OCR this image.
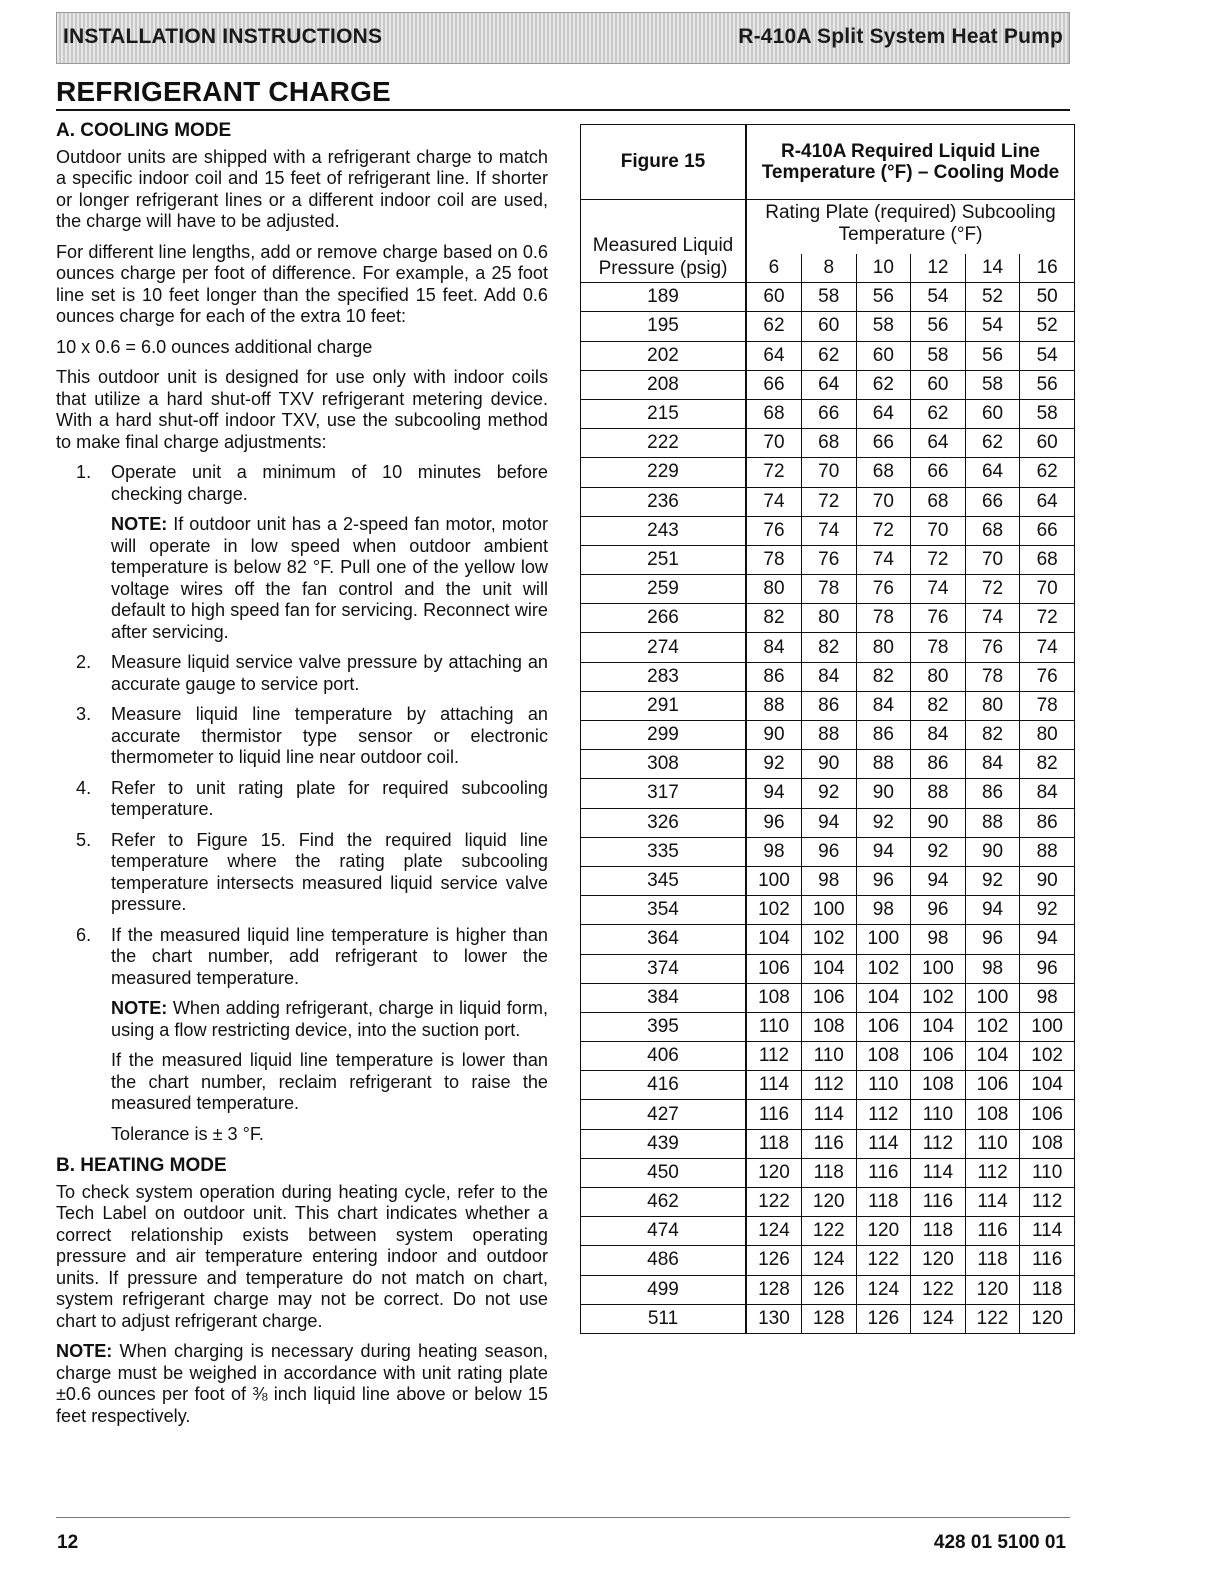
INSTALLATION INSTRUCTIONS	R-410A Split System Heat Pump
REFRIGERANT CHARGE
A. COOLING MODE

Outdoor units are shipped with a refrigerant charge to match a specific indoor coil and 15 feet of refrigerant line. If shorter or longer refrigerant lines or a different indoor coil are used, the charge will have to be adjusted.

For different line lengths, add or remove charge based on 0.6 ounces charge per foot of difference. For example, a 25 foot line set is 10 feet longer than the specified 15 feet. Add 0.6 ounces charge for each of the extra 10 feet:

10 x 0.6 = 6.0 ounces additional charge

This outdoor unit is designed for use only with indoor coils that utilize a hard shut-off TXV refrigerant metering device. With a hard shut-off indoor TXV, use the subcooling method to make final charge adjustments:

1. Operate unit a minimum of 10 minutes before checking charge.

NOTE: If outdoor unit has a 2-speed fan motor, motor will operate in low speed when outdoor ambient temperature is below 82 °F. Pull one of the yellow low voltage wires off the fan control and the unit will default to high speed fan for servicing. Reconnect wire after servicing.

2. Measure liquid service valve pressure by attaching an accurate gauge to service port.

3. Measure liquid line temperature by attaching an accurate thermistor type sensor or electronic thermometer to liquid line near outdoor coil.

4. Refer to unit rating plate for required subcooling temperature.

5. Refer to Figure 15. Find the required liquid line temperature where the rating plate subcooling temperature intersects measured liquid service valve pressure.

6. If the measured liquid line temperature is higher than the chart number, add refrigerant to lower the measured temperature.

NOTE: When adding refrigerant, charge in liquid form, using a flow restricting device, into the suction port.

If the measured liquid line temperature is lower than the chart number, reclaim refrigerant to raise the measured temperature.

Tolerance is ± 3 °F.

B. HEATING MODE

To check system operation during heating cycle, refer to the Tech Label on outdoor unit. This chart indicates whether a correct relationship exists between system operating pressure and air temperature entering indoor and outdoor units. If pressure and temperature do not match on chart, system refrigerant charge may not be correct. Do not use chart to adjust refrigerant charge.

NOTE: When charging is necessary during heating season, charge must be weighed in accordance with unit rating plate ±0.6 ounces per foot of ⅜ inch liquid line above or below 15 feet respectively.

Figure 15	R-410A Required Liquid Line Temperature (°F) – Cooling Mode					
Measured Liquid Pressure (psig)	Rating Plate (required) Subcooling Temperature (°F)					
	6	8	10	12	14	16
189	60	58	56	54	52	50
195	62	60	58	56	54	52
202	64	62	60	58	56	54
208	66	64	62	60	58	56
215	68	66	64	62	60	58
222	70	68	66	64	62	60
229	72	70	68	66	64	62
236	74	72	70	68	66	64
243	76	74	72	70	68	66
251	78	76	74	72	70	68
259	80	78	76	74	72	70
266	82	80	78	76	74	72
274	84	82	80	78	76	74
283	86	84	82	80	78	76
291	88	86	84	82	80	78
299	90	88	86	84	82	80
308	92	90	88	86	84	82
317	94	92	90	88	86	84
326	96	94	92	90	88	86
335	98	96	94	92	90	88
345	100	98	96	94	92	90
354	102	100	98	96	94	92
364	104	102	100	98	96	94
374	106	104	102	100	98	96
384	108	106	104	102	100	98
395	110	108	106	104	102	100
406	112	110	108	106	104	102
416	114	112	110	108	106	104
427	116	114	112	110	108	106
439	118	116	114	112	110	108
450	120	118	116	114	112	110
462	122	120	118	116	114	112
474	124	122	120	118	116	114
486	126	124	122	120	118	116
499	128	126	124	122	120	118
511	130	128	126	124	122	120
12	428 01 5100 01
